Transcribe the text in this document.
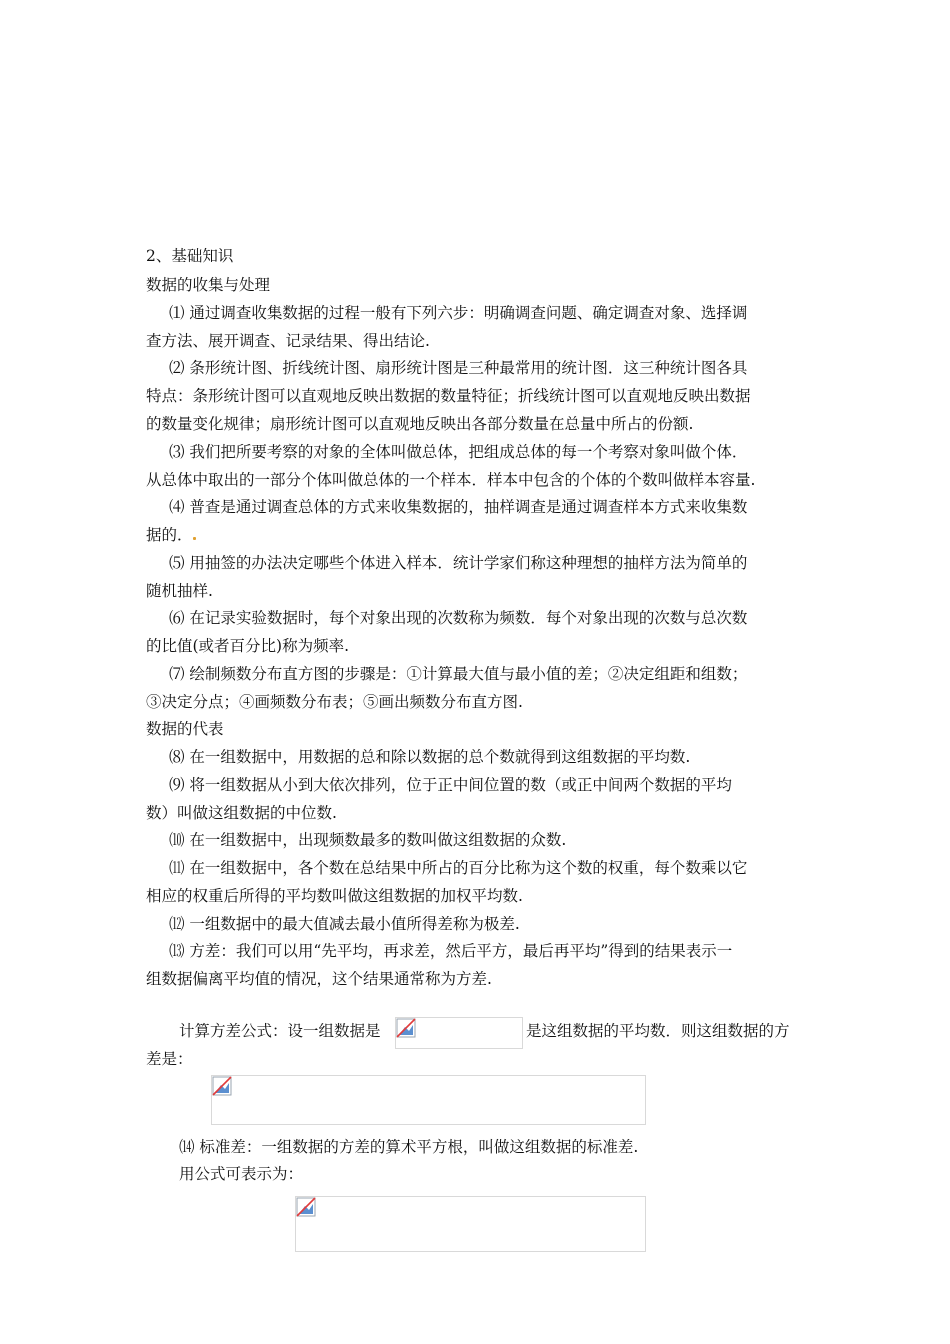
2、基础知识
数据的收集与处理
⑴ 通过调查收集数据的过程一般有下列六步：明确调查问题、确定调查对象、选择调
查方法、展开调查、记录结果、得出结论.
⑵ 条形统计图、折线统计图、扇形统计图是三种最常用的统计图．这三种统计图各具
特点：条形统计图可以直观地反映出数据的数量特征；折线统计图可以直观地反映出数据
的数量变化规律；扇形统计图可以直观地反映出各部分数量在总量中所占的份额.
⑶ 我们把所要考察的对象的全体叫做总体，把组成总体的每一个考察对象叫做个体．
从总体中取出的一部分个体叫做总体的一个样本．样本中包含的个体的个数叫做样本容量.
⑷ 普查是通过调查总体的方式来收集数据的，抽样调查是通过调查样本方式来收集数
据的．
⑸ 用抽签的办法决定哪些个体进入样本．统计学家们称这种理想的抽样方法为简单的
随机抽样.
⑹ 在记录实验数据时，每个对象出现的次数称为频数．每个对象出现的次数与总次数
的比值(或者百分比)称为频率.
⑺ 绘制频数分布直方图的步骤是：①计算最大值与最小值的差；②决定组距和组数；
③决定分点；④画频数分布表；⑤画出频数分布直方图.
数据的代表
⑻ 在一组数据中，用数据的总和除以数据的总个数就得到这组数据的平均数.
⑼ 将一组数据从小到大依次排列，位于正中间位置的数（或正中间两个数据的平均
数）叫做这组数据的中位数.
⑽ 在一组数据中，出现频数最多的数叫做这组数据的众数.
⑾ 在一组数据中，各个数在总结果中所占的百分比称为这个数的权重，每个数乘以它
相应的权重后所得的平均数叫做这组数据的加权平均数.
⑿ 一组数据中的最大值减去最小值所得差称为极差.
⒀ 方差：我们可以用“先平均，再求差，然后平方，最后再平均”得到的结果表示一
组数据偏离平均值的情况，这个结果通常称为方差.
计算方差公式：设一组数据是	是这组数据的平均数．则这组数据的方
差是：
⒁ 标准差：一组数据的方差的算术平方根，叫做这组数据的标准差.
用公式可表示为：
